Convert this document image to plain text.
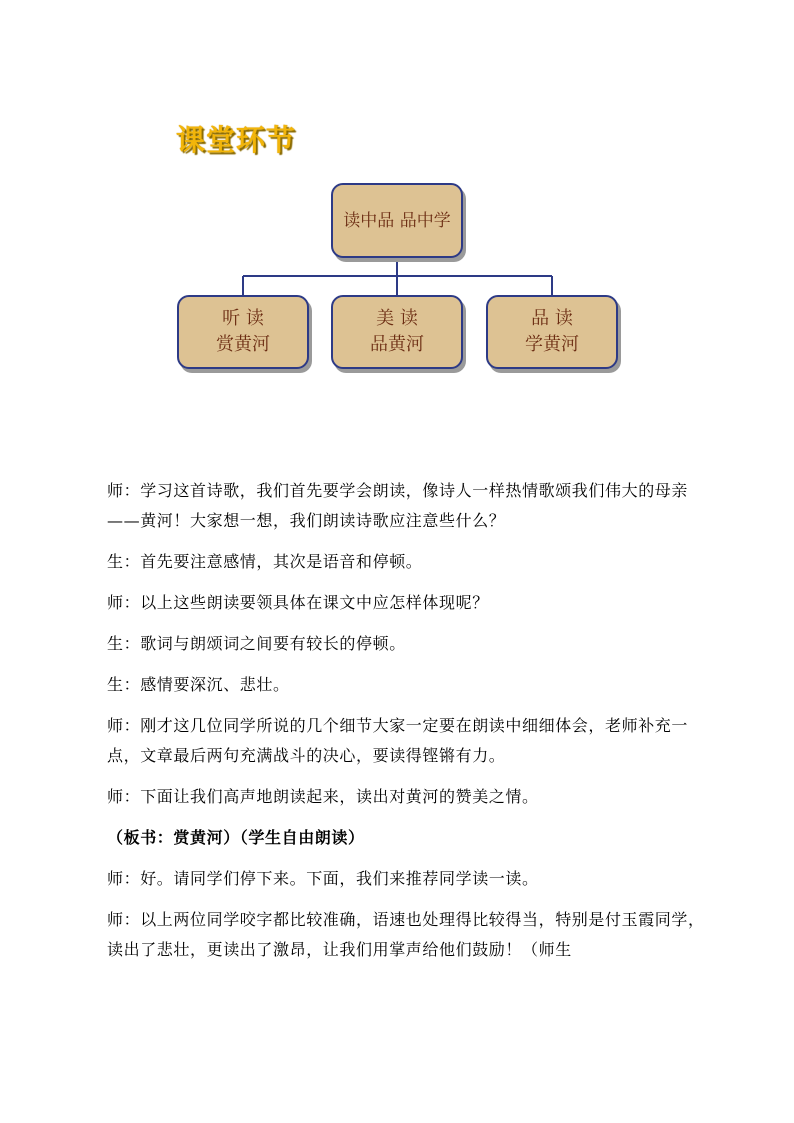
课堂环节
读中品 品中学
听 读
赏黄河
美 读
品黄河
品 读
学黄河

师：学习这首诗歌，我们首先要学会朗读，像诗人一样热情歌颂我们伟大的母亲——黄河！大家想一想，我们朗读诗歌应注意些什么？

生：首先要注意感情，其次是语音和停顿。

师：以上这些朗读要领具体在课文中应怎样体现呢？

生：歌词与朗颂词之间要有较长的停顿。

生：感情要深沉、悲壮。

师：刚才这几位同学所说的几个细节大家一定要在朗读中细细体会，老师补充一点，文章最后两句充满战斗的决心，要读得铿锵有力。

师：下面让我们高声地朗读起来，读出对黄河的赞美之情。

（板书：赏黄河）（学生自由朗读）

师：好。请同学们停下来。下面，我们来推荐同学读一读。

师：以上两位同学咬字都比较准确，语速也处理得比较得当，特别是付玉霞同学，读出了悲壮，更读出了激昂，让我们用掌声给他们鼓励！（师生
